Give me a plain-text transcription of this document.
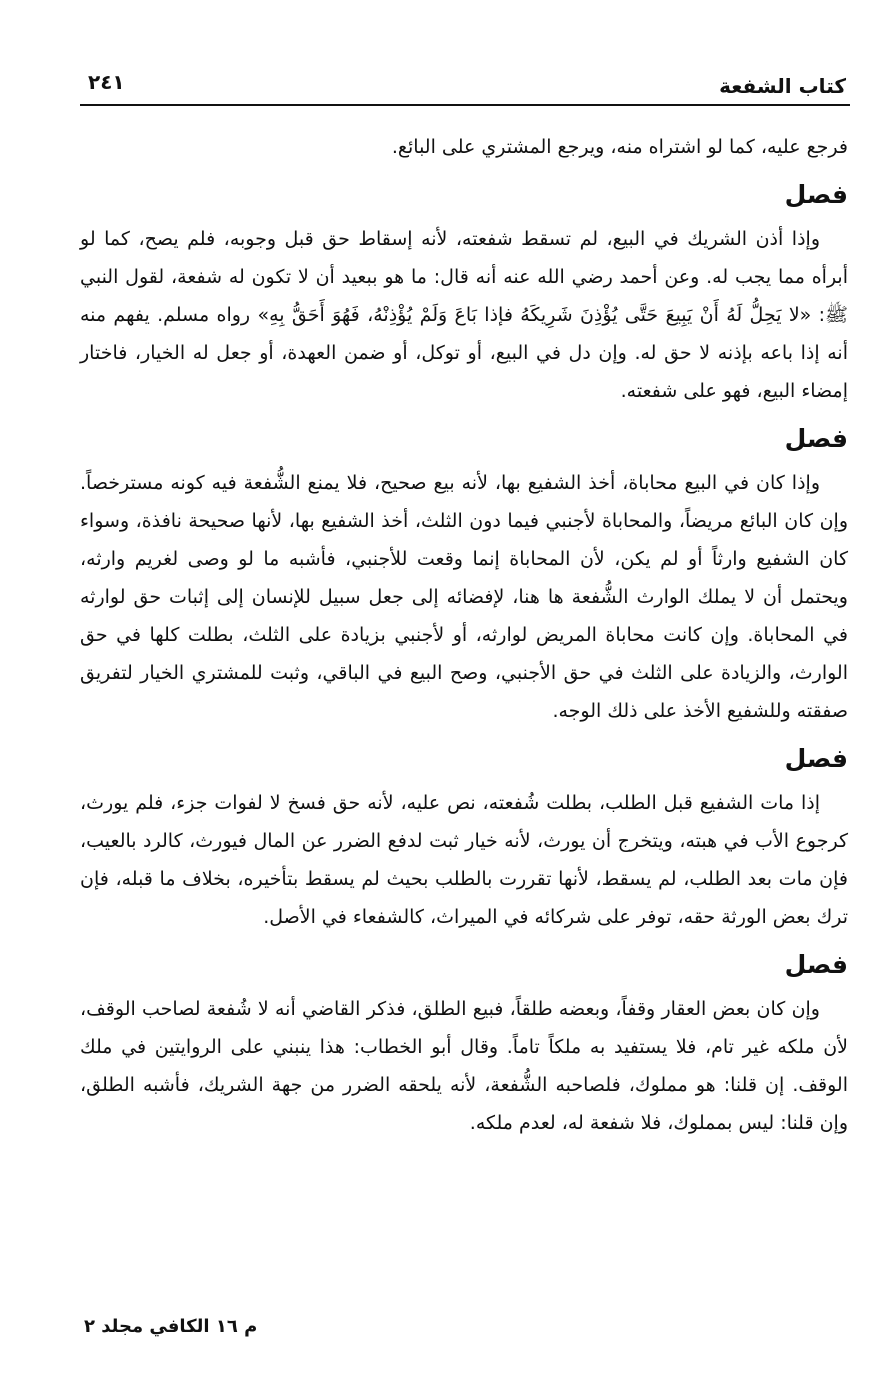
كتاب الشفعة
٢٤١

فرجع عليه، كما لو اشتراه منه، ويرجع المشتري على البائع.

فصل

وإذا أذن الشريك في البيع، لم تسقط شفعته، لأنه إسقاط حق قبل وجوبه، فلم يصح، كما لو أبرأه مما يجب له. وعن أحمد رضي الله عنه أنه قال: ما هو ببعيد أن لا تكون له شفعة، لقول النبي ﷺ: «لا يَحِلُّ لَهُ أَنْ يَبِيعَ حَتَّى يُؤْذِنَ شَرِيكَهُ فإذا بَاعَ وَلَمْ يُؤْذِنْهُ، فَهُوَ أَحَقُّ بِهِ» رواه مسلم. يفهم منه أنه إذا باعه بإذنه لا حق له. وإن دل في البيع، أو توكل، أو ضمن العهدة، أو جعل له الخيار، فاختار إمضاء البيع، فهو على شفعته.

فصل

وإذا كان في البيع محاباة، أخذ الشفيع بها، لأنه بيع صحيح، فلا يمنع الشُّفعة فيه كونه مسترخصاً. وإن كان البائع مريضاً، والمحاباة لأجنبي فيما دون الثلث، أخذ الشفيع بها، لأنها صحيحة نافذة، وسواء كان الشفيع وارثاً أو لم يكن، لأن المحاباة إنما وقعت للأجنبي، فأشبه ما لو وصى لغريم وارثه، ويحتمل أن لا يملك الوارث الشُّفعة ها هنا، لإفضائه إلى جعل سبيل للإنسان إلى إثبات حق لوارثه في المحاباة. وإن كانت محاباة المريض لوارثه، أو لأجنبي بزيادة على الثلث، بطلت كلها في حق الوارث، والزيادة على الثلث في حق الأجنبي، وصح البيع في الباقي، وثبت للمشتري الخيار لتفريق صفقته وللشفيع الأخذ على ذلك الوجه.

فصل

إذا مات الشفيع قبل الطلب، بطلت شُفعته، نص عليه، لأنه حق فسخ لا لفوات جزء، فلم يورث، كرجوع الأب في هبته، ويتخرج أن يورث، لأنه خيار ثبت لدفع الضرر عن المال فيورث، كالرد بالعيب، فإن مات بعد الطلب، لم يسقط، لأنها تقررت بالطلب بحيث لم يسقط بتأخيره، بخلاف ما قبله، فإن ترك بعض الورثة حقه، توفر على شركائه في الميراث، كالشفعاء في الأصل.

فصل

وإن كان بعض العقار وقفاً، وبعضه طلقاً، فبيع الطلق، فذكر القاضي أنه لا شُفعة لصاحب الوقف، لأن ملكه غير تام، فلا يستفيد به ملكاً تاماً. وقال أبو الخطاب: هذا ينبني على الروايتين في ملك الوقف. إن قلنا: هو مملوك، فلصاحبه الشُّفعة، لأنه يلحقه الضرر من جهة الشريك، فأشبه الطلق، وإن قلنا: ليس بمملوك، فلا شفعة له، لعدم ملكه.

م ١٦ الكافي مجلد ٢
